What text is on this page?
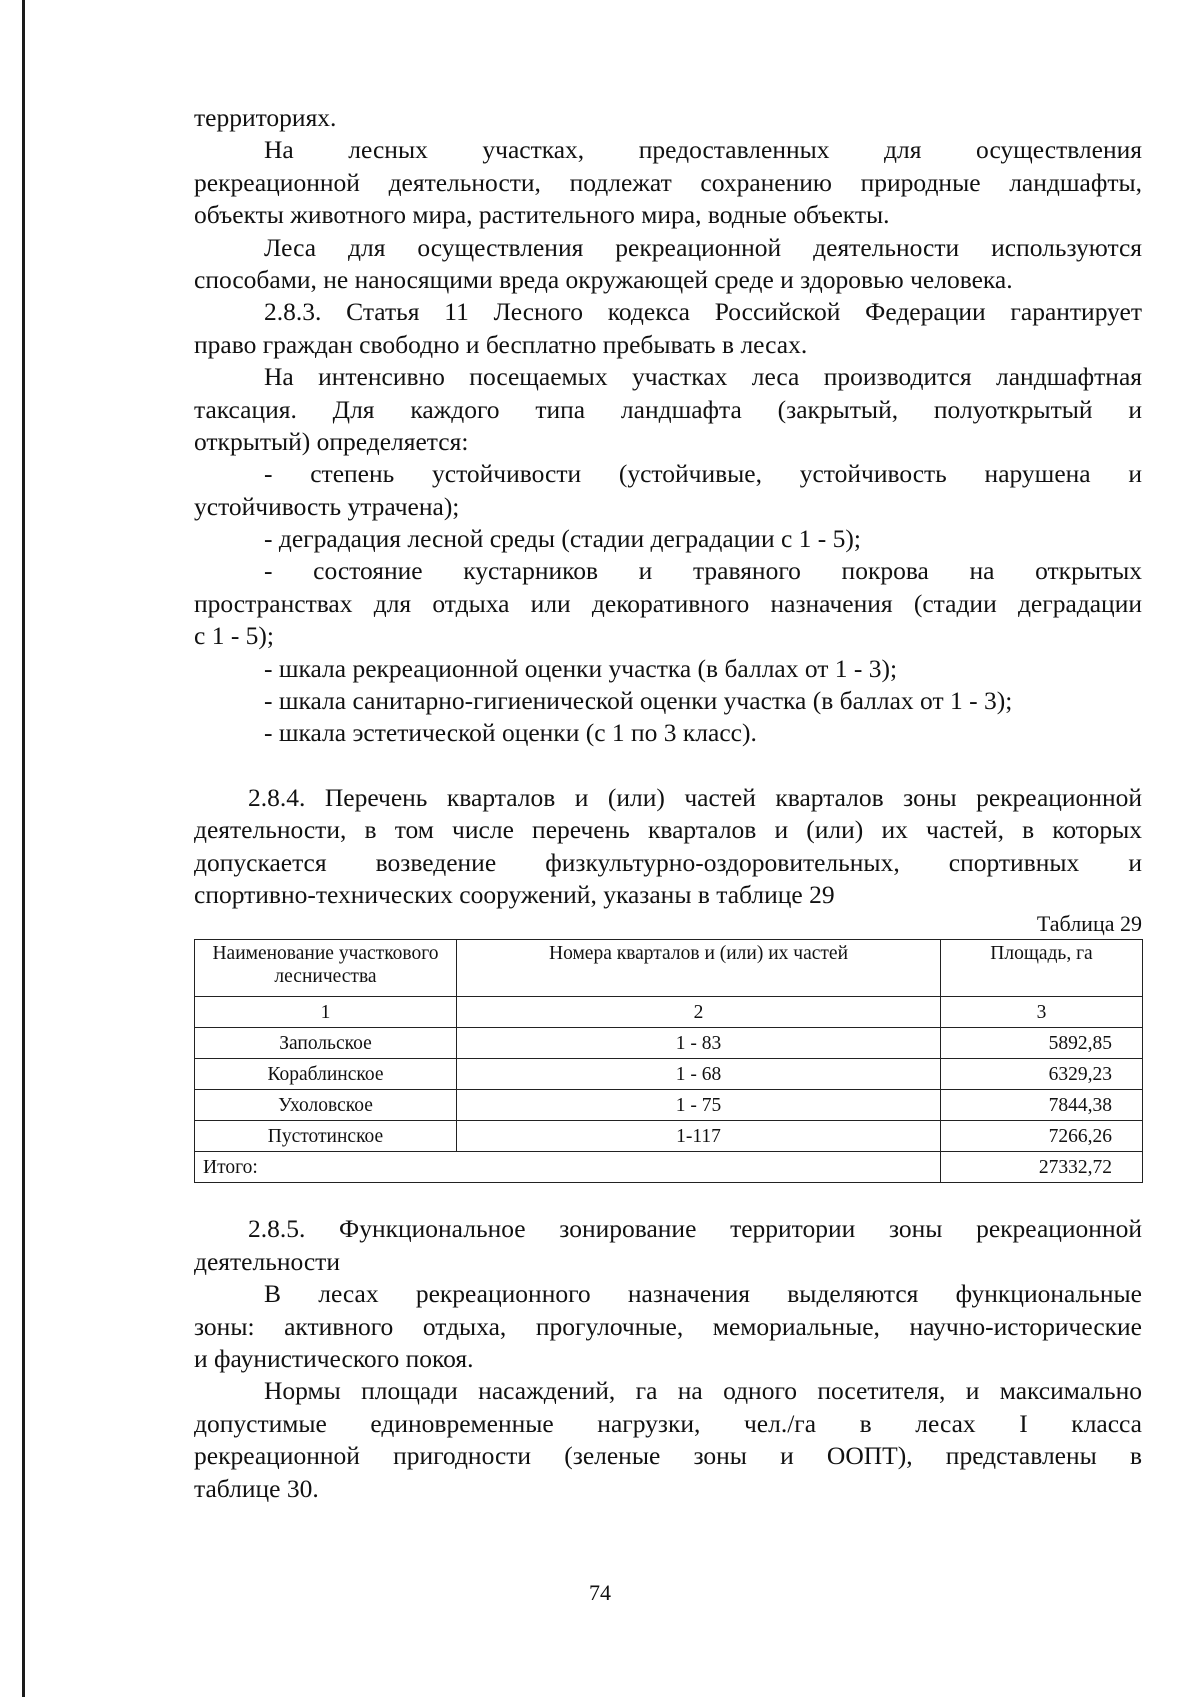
территориях.
На лесных участках, предоставленных для осуществления
рекреационной деятельности, подлежат сохранению природные ландшафты,
объекты животного мира, растительного мира, водные объекты.
Леса для осуществления рекреационной деятельности используются
способами, не наносящими вреда окружающей среде и здоровью человека.
2.8.3. Статья 11 Лесного кодекса Российской Федерации гарантирует
право граждан свободно и бесплатно пребывать в лесах.
На интенсивно посещаемых участках леса производится ландшафтная
таксация. Для каждого типа ландшафта (закрытый, полуоткрытый и
открытый) определяется:
- степень устойчивости (устойчивые, устойчивость нарушена и
устойчивость утрачена);
- деградация лесной среды (стадии деградации с 1 - 5);
- состояние кустарников и травяного покрова на открытых
пространствах для отдыха или декоративного назначения (стадии деградации
с 1 - 5);
- шкала рекреационной оценки участка (в баллах от 1 - 3);
- шкала санитарно-гигиенической оценки участка (в баллах от 1 - 3);
- шкала эстетической оценки (с 1 по 3 класс).
2.8.4. Перечень кварталов и (или) частей кварталов зоны рекреационной
деятельности, в том числе перечень кварталов и (или) их частей, в которых
допускается возведение физкультурно-оздоровительных, спортивных и
спортивно-технических сооружений, указаны в таблице 29
Таблица 29
Наименование участкового лесничества	Номера кварталов и (или) их частей	Площадь, га
1	2	3
Запольское	1 - 83	5892,85
Кораблинское	1 - 68	6329,23
Ухоловское	1 - 75	7844,38
Пустотинское	1-117	7266,26
Итого:		27332,72
2.8.5. Функциональное зонирование территории зоны рекреационной
деятельности
В лесах рекреационного назначения выделяются функциональные
зоны: активного отдыха, прогулочные, мемориальные, научно-исторические
и фаунистического покоя.
Нормы площади насаждений, га на одного посетителя, и максимально
допустимые единовременные нагрузки, чел./га в лесах I класса
рекреационной пригодности (зеленые зоны и ООПТ), представлены в
таблице 30.
74
